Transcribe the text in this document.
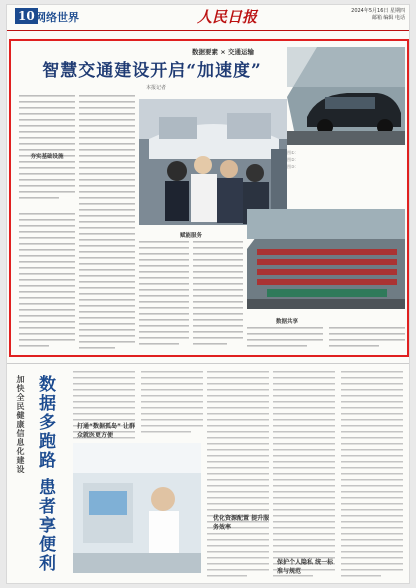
10 网络世界	人民日报	2024年5月16日 星期四
邮箱 编辑 电话
数据要素 × 交通运输
智慧交通建设开启“加速度”
本报记者
夯实基础设施
图①：
图②：
图③：
赋能服务
数据共享
加快全民健康信息化建设 数据多跑路 患者享便利	打通“数据孤岛” 让群众就医更方便
优化资源配置 提升服务效率
保护个人隐私 统一标准与规范
